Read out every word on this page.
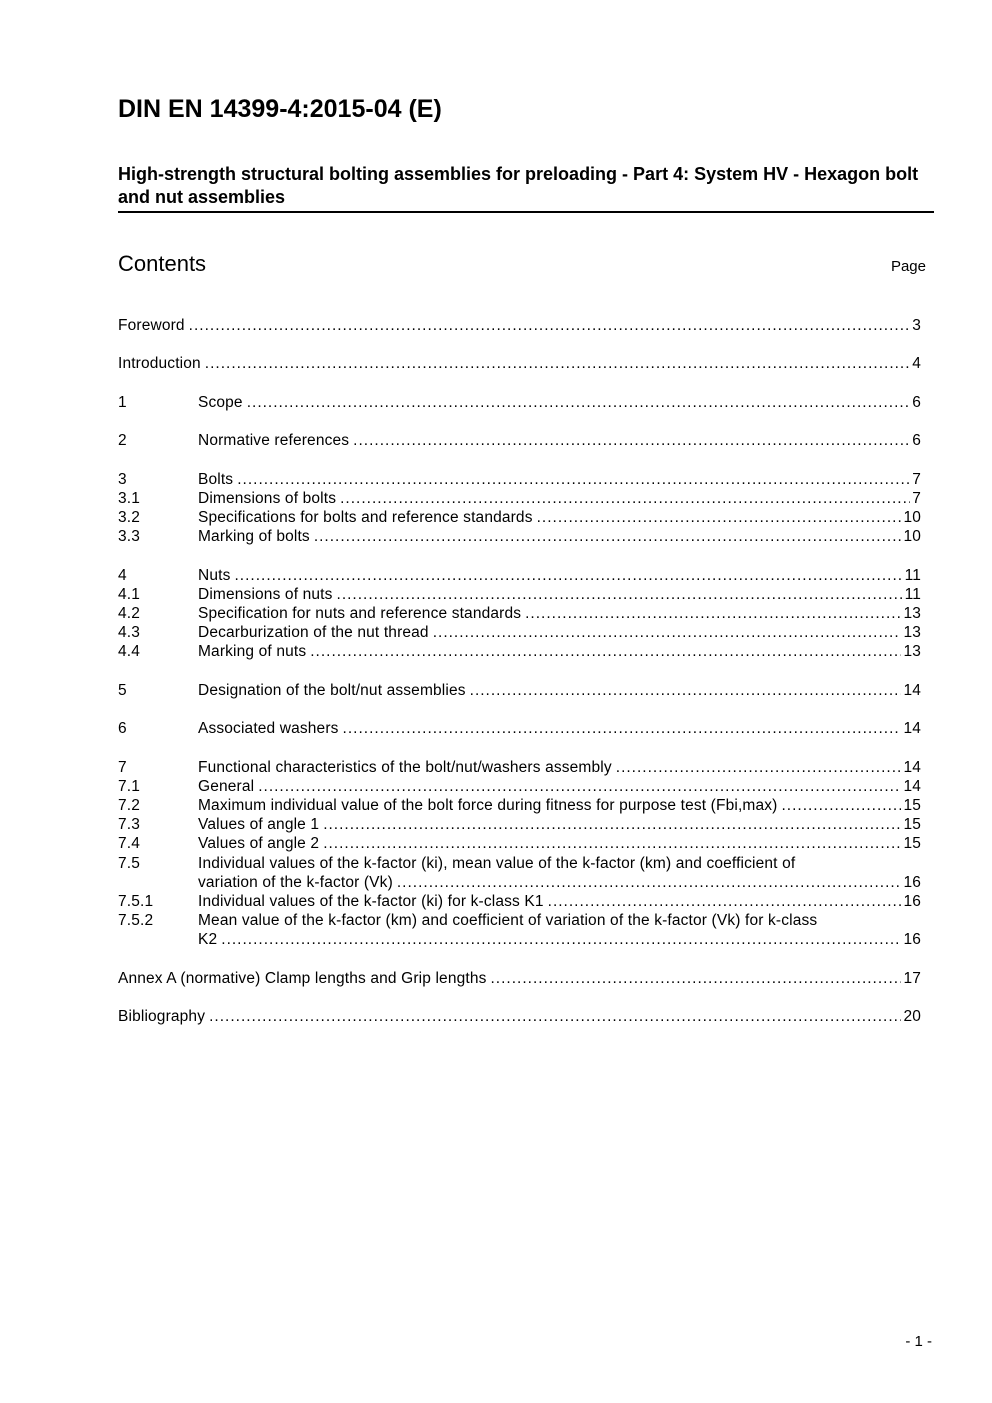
DIN EN 14399-4:2015-04 (E)
High-strength structural bolting assemblies for preloading - Part 4: System HV - Hexagon bolt and nut assemblies
Contents	Page
Foreword .....	3
Introduction .....	4
1	Scope .....	6
2	Normative references .....	6
3	Bolts .....	7
3.1	Dimensions of bolts .....	7
3.2	Specifications for bolts and reference standards .....	10
3.3	Marking of bolts .....	10
4	Nuts .....	11
4.1	Dimensions of nuts .....	11
4.2	Specification for nuts and reference standards .....	13
4.3	Decarburization of the nut thread .....	13
4.4	Marking of nuts .....	13
5	Designation of the bolt/nut assemblies .....	14
6	Associated washers .....	14
7	Functional characteristics of the bolt/nut/washers assembly .....	14
7.1	General .....	14
7.2	Maximum individual value of the bolt force during fitness for purpose test (Fbi,max) .....	15
7.3	Values of angle 1 .....	15
7.4	Values of angle 2 .....	15
7.5	Individual values of the k-factor (ki), mean value of the k-factor (km) and coefficient of
variation of the k-factor (Vk) .....	16
7.5.1	Individual values of the k-factor (ki) for k-class K1 .....	16
7.5.2	Mean value of the k-factor (km) and coefficient of variation of the k-factor (Vk) for k-class
K2 .....	16
Annex A (normative) Clamp lengths and Grip lengths .....	17
Bibliography .....	20
- 1 -
